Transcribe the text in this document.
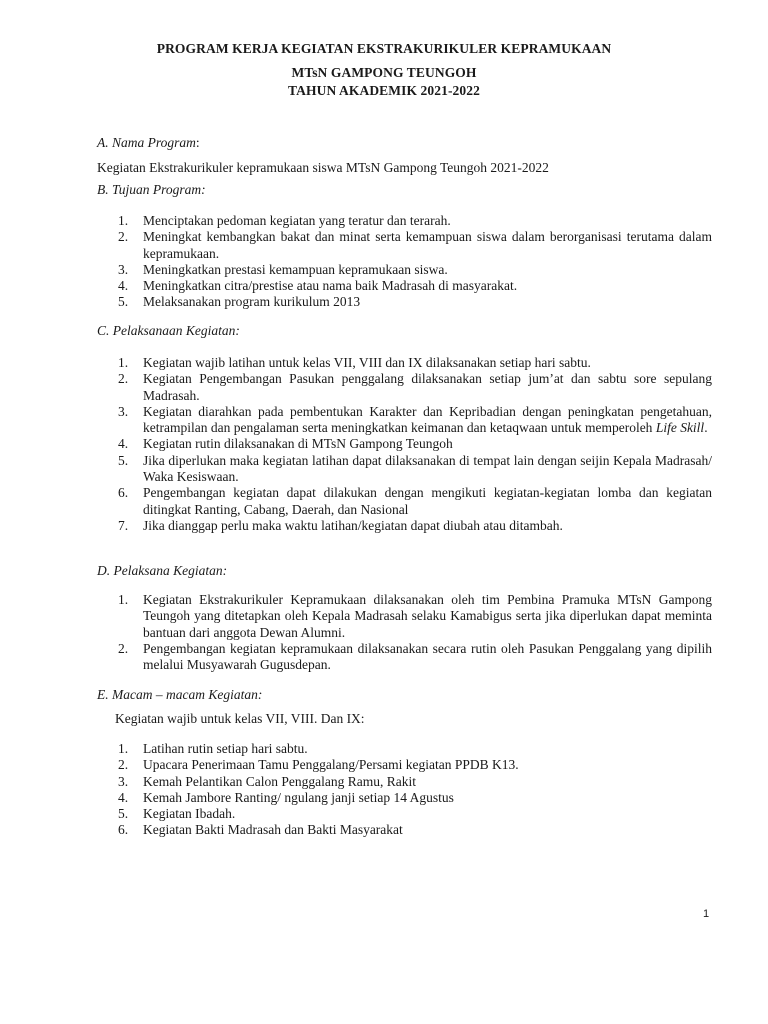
PROGRAM KERJA KEGIATAN EKSTRAKURIKULER KEPRAMUKAAN
MTsN GAMPONG TEUNGOH
TAHUN AKADEMIK 2021-2022
A. Nama Program:
Kegiatan Ekstrakurikuler kepramukaan siswa MTsN Gampong Teungoh 2021-2022
B. Tujuan Program:
1. Menciptakan pedoman kegiatan yang teratur dan terarah.
2. Meningkat kembangkan bakat dan minat serta kemampuan siswa dalam berorganisasi terutama dalam kepramukaan.
3. Meningkatkan prestasi kemampuan kepramukaan siswa.
4. Meningkatkan citra/prestise atau nama baik Madrasah di masyarakat.
5. Melaksanakan program kurikulum 2013
C. Pelaksanaan Kegiatan:
1. Kegiatan wajib latihan untuk kelas VII, VIII dan IX dilaksanakan setiap hari sabtu.
2. Kegiatan Pengembangan Pasukan penggalang dilaksanakan setiap jum’at dan sabtu sore sepulang Madrasah.
3. Kegiatan diarahkan pada pembentukan Karakter dan Kepribadian dengan peningkatan pengetahuan, ketrampilan dan pengalaman serta meningkatkan keimanan dan ketaqwaan untuk memperoleh Life Skill.
4. Kegiatan rutin dilaksanakan di MTsN Gampong Teungoh
5. Jika diperlukan maka kegiatan latihan dapat dilaksanakan di tempat lain dengan seijin Kepala Madrasah/ Waka Kesiswaan.
6. Pengembangan kegiatan dapat dilakukan dengan mengikuti kegiatan-kegiatan lomba dan kegiatan ditingkat Ranting, Cabang, Daerah, dan Nasional
7. Jika dianggap perlu maka waktu latihan/kegiatan dapat diubah atau ditambah.
D. Pelaksana Kegiatan:
1. Kegiatan Ekstrakurikuler Kepramukaan dilaksanakan oleh tim Pembina Pramuka MTsN Gampong Teungoh yang ditetapkan oleh Kepala Madrasah selaku Kamabigus serta jika diperlukan dapat meminta bantuan dari anggota Dewan Alumni.
2. Pengembangan kegiatan kepramukaan dilaksanakan secara rutin oleh Pasukan Penggalang yang dipilih melalui Musyawarah Gugusdepan.
E. Macam – macam Kegiatan:
Kegiatan wajib untuk kelas VII, VIII. Dan IX:
1. Latihan rutin setiap hari sabtu.
2. Upacara Penerimaan Tamu Penggalang/Persami kegiatan PPDB K13.
3. Kemah Pelantikan Calon Penggalang Ramu, Rakit
4. Kemah Jambore Ranting/ ngulang janji setiap 14 Agustus
5. Kegiatan Ibadah.
6. Kegiatan Bakti Madrasah dan Bakti Masyarakat
1
